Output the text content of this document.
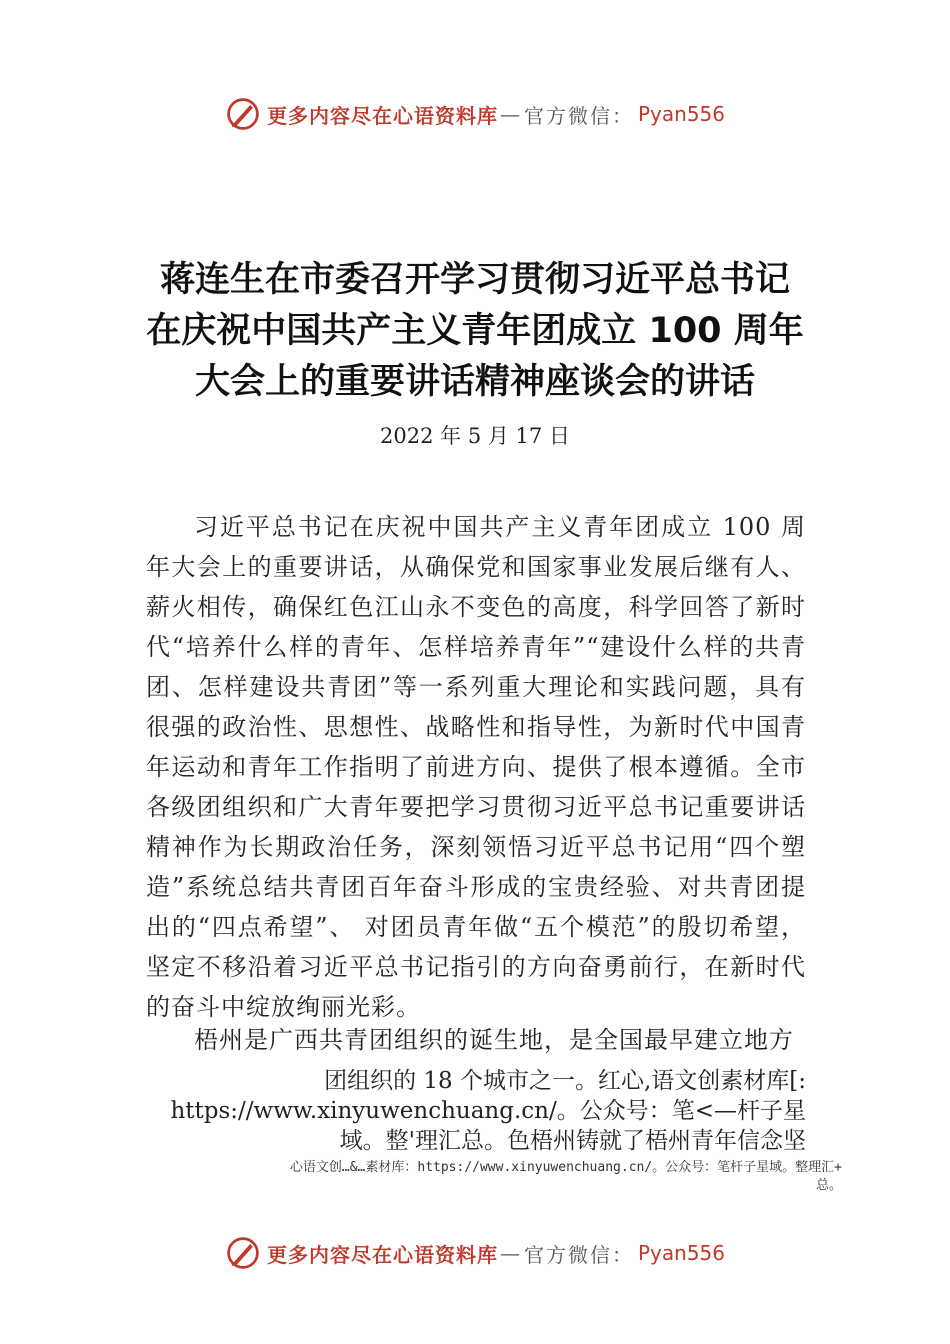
更多内容尽在心语资料库 — 官方微信： Pyan556
蒋连生在市委召开学习贯彻习近平总书记
在庆祝中国共产主义青年团成立 100 周年
大会上的重要讲话精神座谈会的讲话
2022 年 5 月 17 日

习近平总书记在庆祝中国共产主义青年团成立 100 周年大会上的重要讲话，从确保党和国家事业发展后继有人、薪火相传，确保红色江山永不变色的高度，科学回答了新时代“培养什么样的青年、怎样培养青年”“建设什么样的共青团、怎样建设共青团”等一系列重大理论和实践问题，具有很强的政治性、思想性、战略性和指导性，为新时代中国青年运动和青年工作指明了前进方向、提供了根本遵循。全市各级团组织和广大青年要把学习贯彻习近平总书记重要讲话精神作为长期政治任务，深刻领悟习近平总书记用“四个塑造”系统总结共青团百年奋斗形成的宝贵经验、对共青团提出的“四点希望”、 对团员青年做“五个模范”的殷切希望，坚定不移沿着习近平总书记指引的方向奋勇前行，在新时代的奋斗中绽放绚丽光彩。

梧州是广西共青团组织的诞生地，是全国最早建立地方

团组织的 18 个城市之一。红心,语文创素材库[:
https://www.xinyuwenchuang.cn/。公众号：笔<—杆子星
域。整'理汇总。色梧州铸就了梧州青年信念坚
心语文创…&…素材库：https://www.xinyuwenchuang.cn/。公众号：笔杆子星域。整理汇+
总。
更多内容尽在心语资料库 — 官方微信： Pyan556
